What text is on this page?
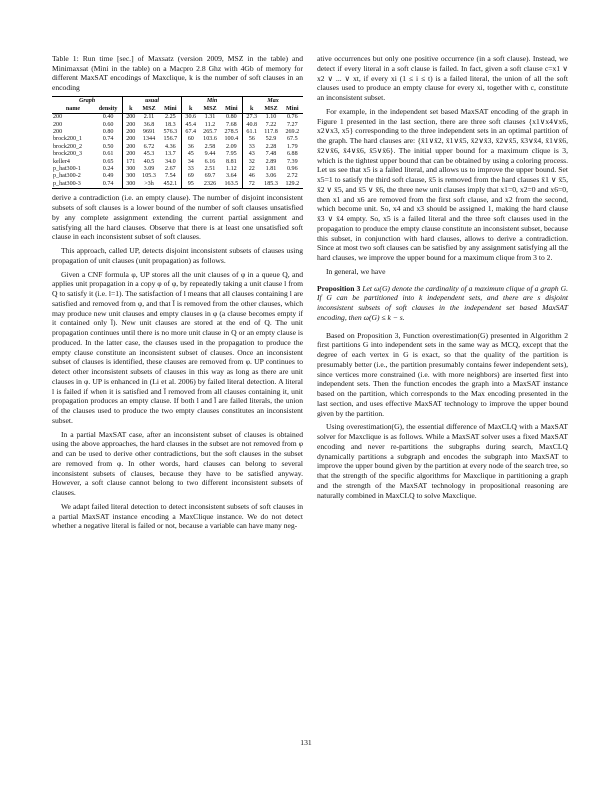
Table 1: Run time [sec.] of Maxsatz (version 2009, MSZ in the table) and Minimaxsat (Mini in the table) on a Macpro 2.8 Ghz with 4Gb of memory for different MaxSAT encodings of Maxclique, k is the number of soft clauses in an encoding

Graph		usual			Min			Max		
name	density	k	MSZ	Mini	k	MSZ	Mini	k	MSZ	Mini
200	0.40	200	2.11	2.25	30.6	1.31	0.80	27.3	1.10	0.76
200	0.60	200	36.8	18.3	45.4	11.2	7.68	40.8	7.22	7.27
200	0.80	200	9691	576.3	67.4	265.7	278.5	61.1	117.8	269.2
brock200_1	0.74	200	1344	156.7	60	103.6	100.4	56	52.9	67.5
brock200_2	0.50	200	6.72	4.36	36	2.58	2.09	33	2.28	1.79
brock200_3	0.61	200	45.3	13.7	45	9.44	7.95	43	7.48	6.88
keller4	0.65	171	40.5	34.0	34	6.16	8.81	32	2.89	7.39
p_hat300-1	0.24	300	3.09	2.67	33	2.51	1.12	22	1.81	0.96
p_hat300-2	0.49	300	105.3	7.54	69	69.7	3.64	46	3.06	2.72
p_hat300-3	0.74	300	>3h	452.1	95	2326	163.5	72	185.3	129.2

derive a contradiction (i.e. an empty clause). The number of disjoint inconsistent subsets of soft clauses is a lower bound of the number of soft clauses unsatisfied by any complete assignment extending the current partial assignment and satisfying all the hard clauses. Observe that there is at least one unsatisfied soft clause in each inconsistent subset of soft clauses.

This approach, called UP, detects disjoint inconsistent subsets of clauses using propagation of unit clauses (unit propagation) as follows.

Given a CNF formula φ, UP stores all the unit clauses of φ in a queue Q, and applies unit propagation in a copy φ of φ, by repeatedly taking a unit clause l from Q to satisfy it (i.e. l=1). The satisfaction of l means that all clauses containing l are satisfied and removed from φ, and that l̄ is removed from the other clauses, which may produce new unit clauses and empty clauses in φ (a clause becomes empty if it contained only l̄). New unit clauses are stored at the end of Q. The unit propagation continues until there is no more unit clause in Q or an empty clause is produced. In the latter case, the clauses used in the propagation to produce the empty clause constitute an inconsistent subset of clauses. Once an inconsistent subset of clauses is identified, these clauses are removed from φ. UP continues to detect other inconsistent subsets of clauses in this way as long as there are unit clauses in φ. UP is enhanced in (Li et al. 2006) by failed literal detection. A literal l is failed if when it is satisfied and l̄ removed from all clauses containing it, unit propagation produces an empty clause. If both l and l̄ are failed literals, the union of the clauses used to produce the two empty clauses constitutes an inconsistent subset.

In a partial MaxSAT case, after an inconsistent subset of clauses is obtained using the above approaches, the hard clauses in the subset are not removed from φ and can be used to derive other contradictions, but the soft clauses in the subset are removed from φ. In other words, hard clauses can belong to several inconsistent subsets of clauses, because they have to be satisfied anyway. However, a soft clause cannot belong to two different inconsistent subsets of clauses.

We adapt failed literal detection to detect inconsistent subsets of soft clauses in a partial MaxSAT instance encoding a MaxClique instance. We do not detect whether a negative literal is failed or not, because a variable can have many neg-

ative occurrences but only one positive occurrence (in a soft clause). Instead, we detect if every literal in a soft clause is failed. In fact, given a soft clause c=x1 ∨ x2 ∨ ... ∨ xt, if every xi (1 ≤ i ≤ t) is a failed literal, the union of all the soft clauses used to produce an empty clause for every xi, together with c, constitute an inconsistent subset.

For example, in the independent set based MaxSAT encoding of the graph in Figure 1 presented in the last section, there are three soft clauses {x1∨x4∨x6, x2∨x3, x5} corresponding to the three independent sets in an optimal partition of the graph. The hard clauses are: {x̄1∨x̄2, x̄1∨x̄5, x̄2∨x̄3, x̄2∨x̄5, x̄3∨x̄4, x̄1∨x̄6, x̄2∨x̄6, x̄4∨x̄6, x̄5∨x̄6}. The initial upper bound for a maximum clique is 3, which is the tightest upper bound that can be obtained by using a coloring process. Let us see that x5 is a failed literal, and allows us to improve the upper bound. Set x5=1 to satisfy the third soft clause, x̄5 is removed from the hard clauses x̄1 ∨ x̄5, x̄2 ∨ x̄5, and x̄5 ∨ x̄6, the three new unit clauses imply that x1=0, x2=0 and x6=0, then x1 and x6 are removed from the first soft clause, and x2 from the second, which become unit. So, x4 and x3 should be assigned 1, making the hard clause x̄3 ∨ x̄4 empty. So, x5 is a failed literal and the three soft clauses used in the propagation to produce the empty clause constitute an inconsistent subset, because this subset, in conjunction with hard clauses, allows to derive a contradiction. Since at most two soft clauses can be satisfied by any assignment satisfying all the hard clauses, we improve the upper bound for a maximum clique from 3 to 2.

In general, we have

Proposition 3 Let ω(G) denote the cardinality of a maximum clique of a graph G. If G can be partitioned into k independent sets, and there are s disjoint inconsistent subsets of soft clauses in the independent set based MaxSAT encoding, then ω(G) ≤ k − s.

Based on Proposition 3, Function overestimation(G) presented in Algorithm 2 first partitions G into independent sets in the same way as MCQ, except that the degree of each vertex in G is exact, so that the quality of the partition is presumably better (i.e., the partition presumably contains fewer independent sets), since vertices more constrained (i.e. with more neighbors) are inserted first into independent sets. Then the function encodes the graph into a MaxSAT instance based on the partition, which corresponds to the Max encoding presented in the last section, and uses effective MaxSAT technology to improve the upper bound given by the partition.

Using overestimation(G), the essential difference of MaxCLQ with a MaxSAT solver for Maxclique is as follows. While a MaxSAT solver uses a fixed MaxSAT encoding and never re-partitions the subgraphs during search, MaxCLQ dynamically partitions a subgraph and encodes the subgraph into MaxSAT to improve the upper bound given by the partition at every node of the search tree, so that the strength of the specific algorithms for Maxclique in partitioning a graph and the strength of the MaxSAT technology in propositional reasoning are naturally combined in MaxCLQ to solve Maxclique.

131
